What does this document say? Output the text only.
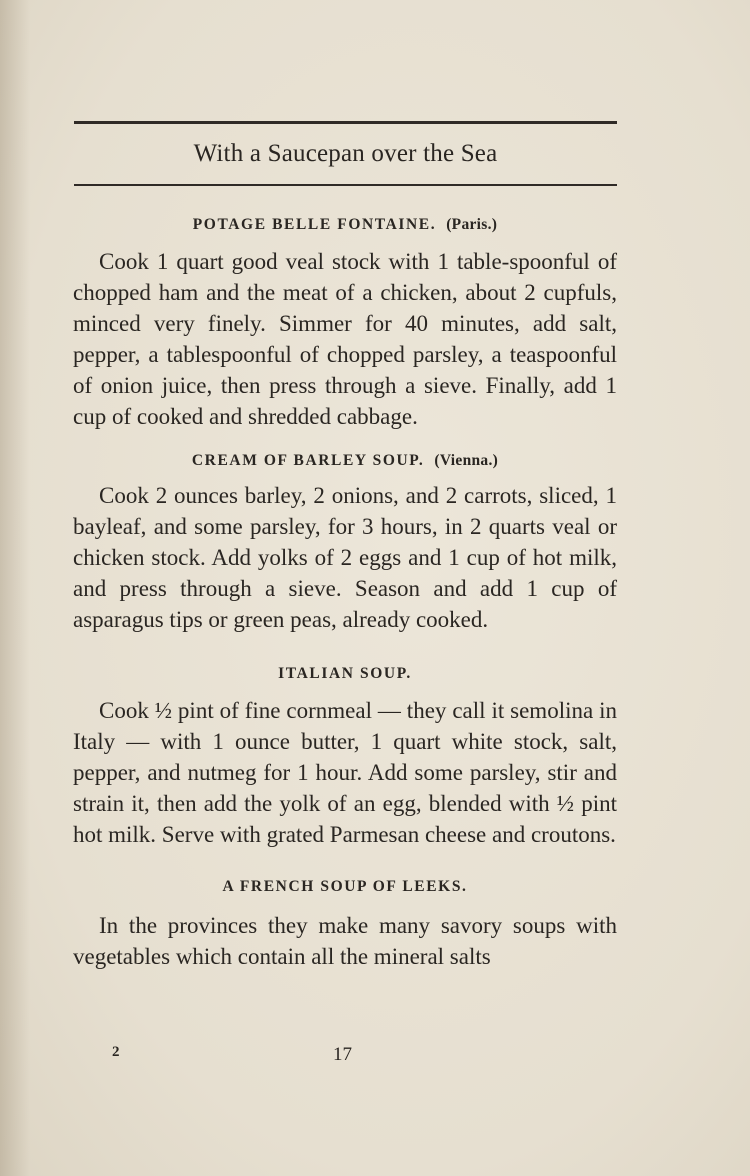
With a Saucepan over the Sea
POTAGE BELLE FONTAINE. (Paris.)

Cook 1 quart good veal stock with 1 table-spoonful of chopped ham and the meat of a chicken, about 2 cupfuls, minced very finely. Simmer for 40 minutes, add salt, pepper, a tablespoonful of chopped parsley, a teaspoonful of onion juice, then press through a sieve. Finally, add 1 cup of cooked and shredded cabbage.

CREAM OF BARLEY SOUP. (Vienna.)

Cook 2 ounces barley, 2 onions, and 2 carrots, sliced, 1 bayleaf, and some parsley, for 3 hours, in 2 quarts veal or chicken stock. Add yolks of 2 eggs and 1 cup of hot milk, and press through a sieve. Season and add 1 cup of asparagus tips or green peas, already cooked.

ITALIAN SOUP.

Cook ½ pint of fine cornmeal — they call it semolina in Italy — with 1 ounce butter, 1 quart white stock, salt, pepper, and nutmeg for 1 hour. Add some parsley, stir and strain it, then add the yolk of an egg, blended with ½ pint hot milk. Serve with grated Parmesan cheese and croutons.

A FRENCH SOUP OF LEEKS.

In the provinces they make many savory soups with vegetables which contain all the mineral salts

2	17
